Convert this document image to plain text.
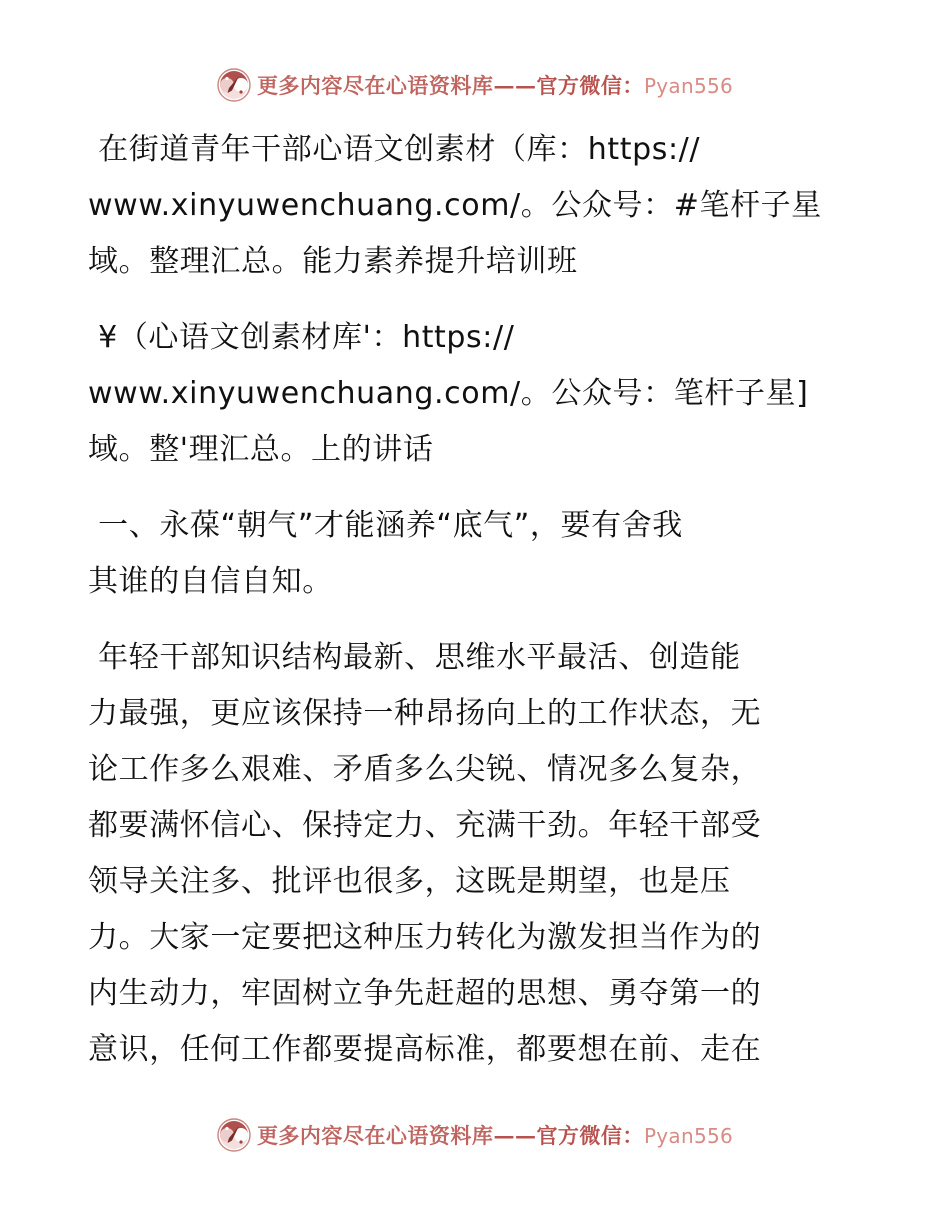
更多内容尽在心语资料库——官方微信：Pyan556

在街道青年干部心语文创素材（库：https://

www.xinyuwenchuang.com/。公众号：#笔杆子星

域。整理汇总。能力素养提升培训班

¥（心语文创素材库'：https://

www.xinyuwenchuang.com/。公众号：笔杆子星]

域。整'理汇总。上的讲话

一、永葆“朝气”才能涵养“底气”，要有舍我

其谁的自信自知。

年轻干部知识结构最新、思维水平最活、创造能

力最强，更应该保持一种昂扬向上的工作状态，无

论工作多么艰难、矛盾多么尖锐、情况多么复杂，

都要满怀信心、保持定力、充满干劲。年轻干部受

领导关注多、批评也很多，这既是期望，也是压

力。大家一定要把这种压力转化为激发担当作为的

内生动力，牢固树立争先赶超的思想、勇夺第一的

意识，任何工作都要提高标准，都要想在前、走在

更多内容尽在心语资料库——官方微信：Pyan556
